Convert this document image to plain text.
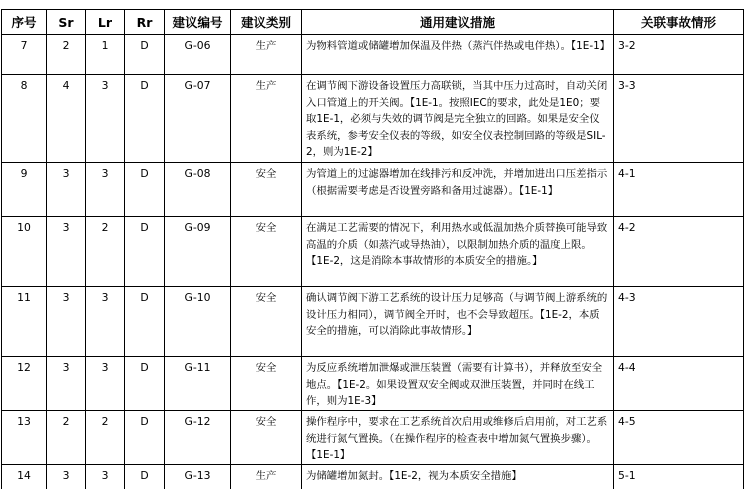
序号	Sr	Lr	Rr	建议编号	建议类别	通用建议措施	关联事故情形
7	2	1	D	G-06	生产	为物料管道或储罐增加保温及伴热（蒸汽伴热或电伴热）。【1E-1】	3-2
8	4	3	D	G-07	生产	在调节阀下游设备设置压力高联锁，当其中压力过高时，自动关闭入口管道上的开关阀。【1E-1。按照IEC的要求，此处是1E0；要取1E-1，必须与失效的调节阀是完全独立的回路。如果是安全仪表系统，参考安全仪表的等级，如安全仪表控制回路的等级是SIL-2，则为1E-2】	3-3
9	3	3	D	G-08	安全	为管道上的过滤器增加在线排污和反冲洗，并增加进出口压差指示（根据需要考虑是否设置旁路和备用过滤器）。【1E-1】	4-1
10	3	2	D	G-09	安全	在满足工艺需要的情况下，利用热水或低温加热介质替换可能导致高温的介质（如蒸汽或导热油），以限制加热介质的温度上限。【1E-2，这是消除本事故情形的本质安全的措施。】	4-2
11	3	3	D	G-10	安全	确认调节阀下游工艺系统的设计压力足够高（与调节阀上游系统的设计压力相同），调节阀全开时，也不会导致超压。【1E-2，本质安全的措施，可以消除此事故情形。】	4-3
12	3	3	D	G-11	安全	为反应系统增加泄爆或泄压装置（需要有计算书），并释放至安全地点。【1E-2。如果设置双安全阀或双泄压装置，并同时在线工作，则为1E-3】	4-4
13	2	2	D	G-12	安全	操作程序中，要求在工艺系统首次启用或维修后启用前，对工艺系统进行氮气置换。（在操作程序的检查表中增加氮气置换步骤）。【1E-1】	4-5
14	3	3	D	G-13	生产	为储罐增加氮封。【1E-2，视为本质安全措施】	5-1
